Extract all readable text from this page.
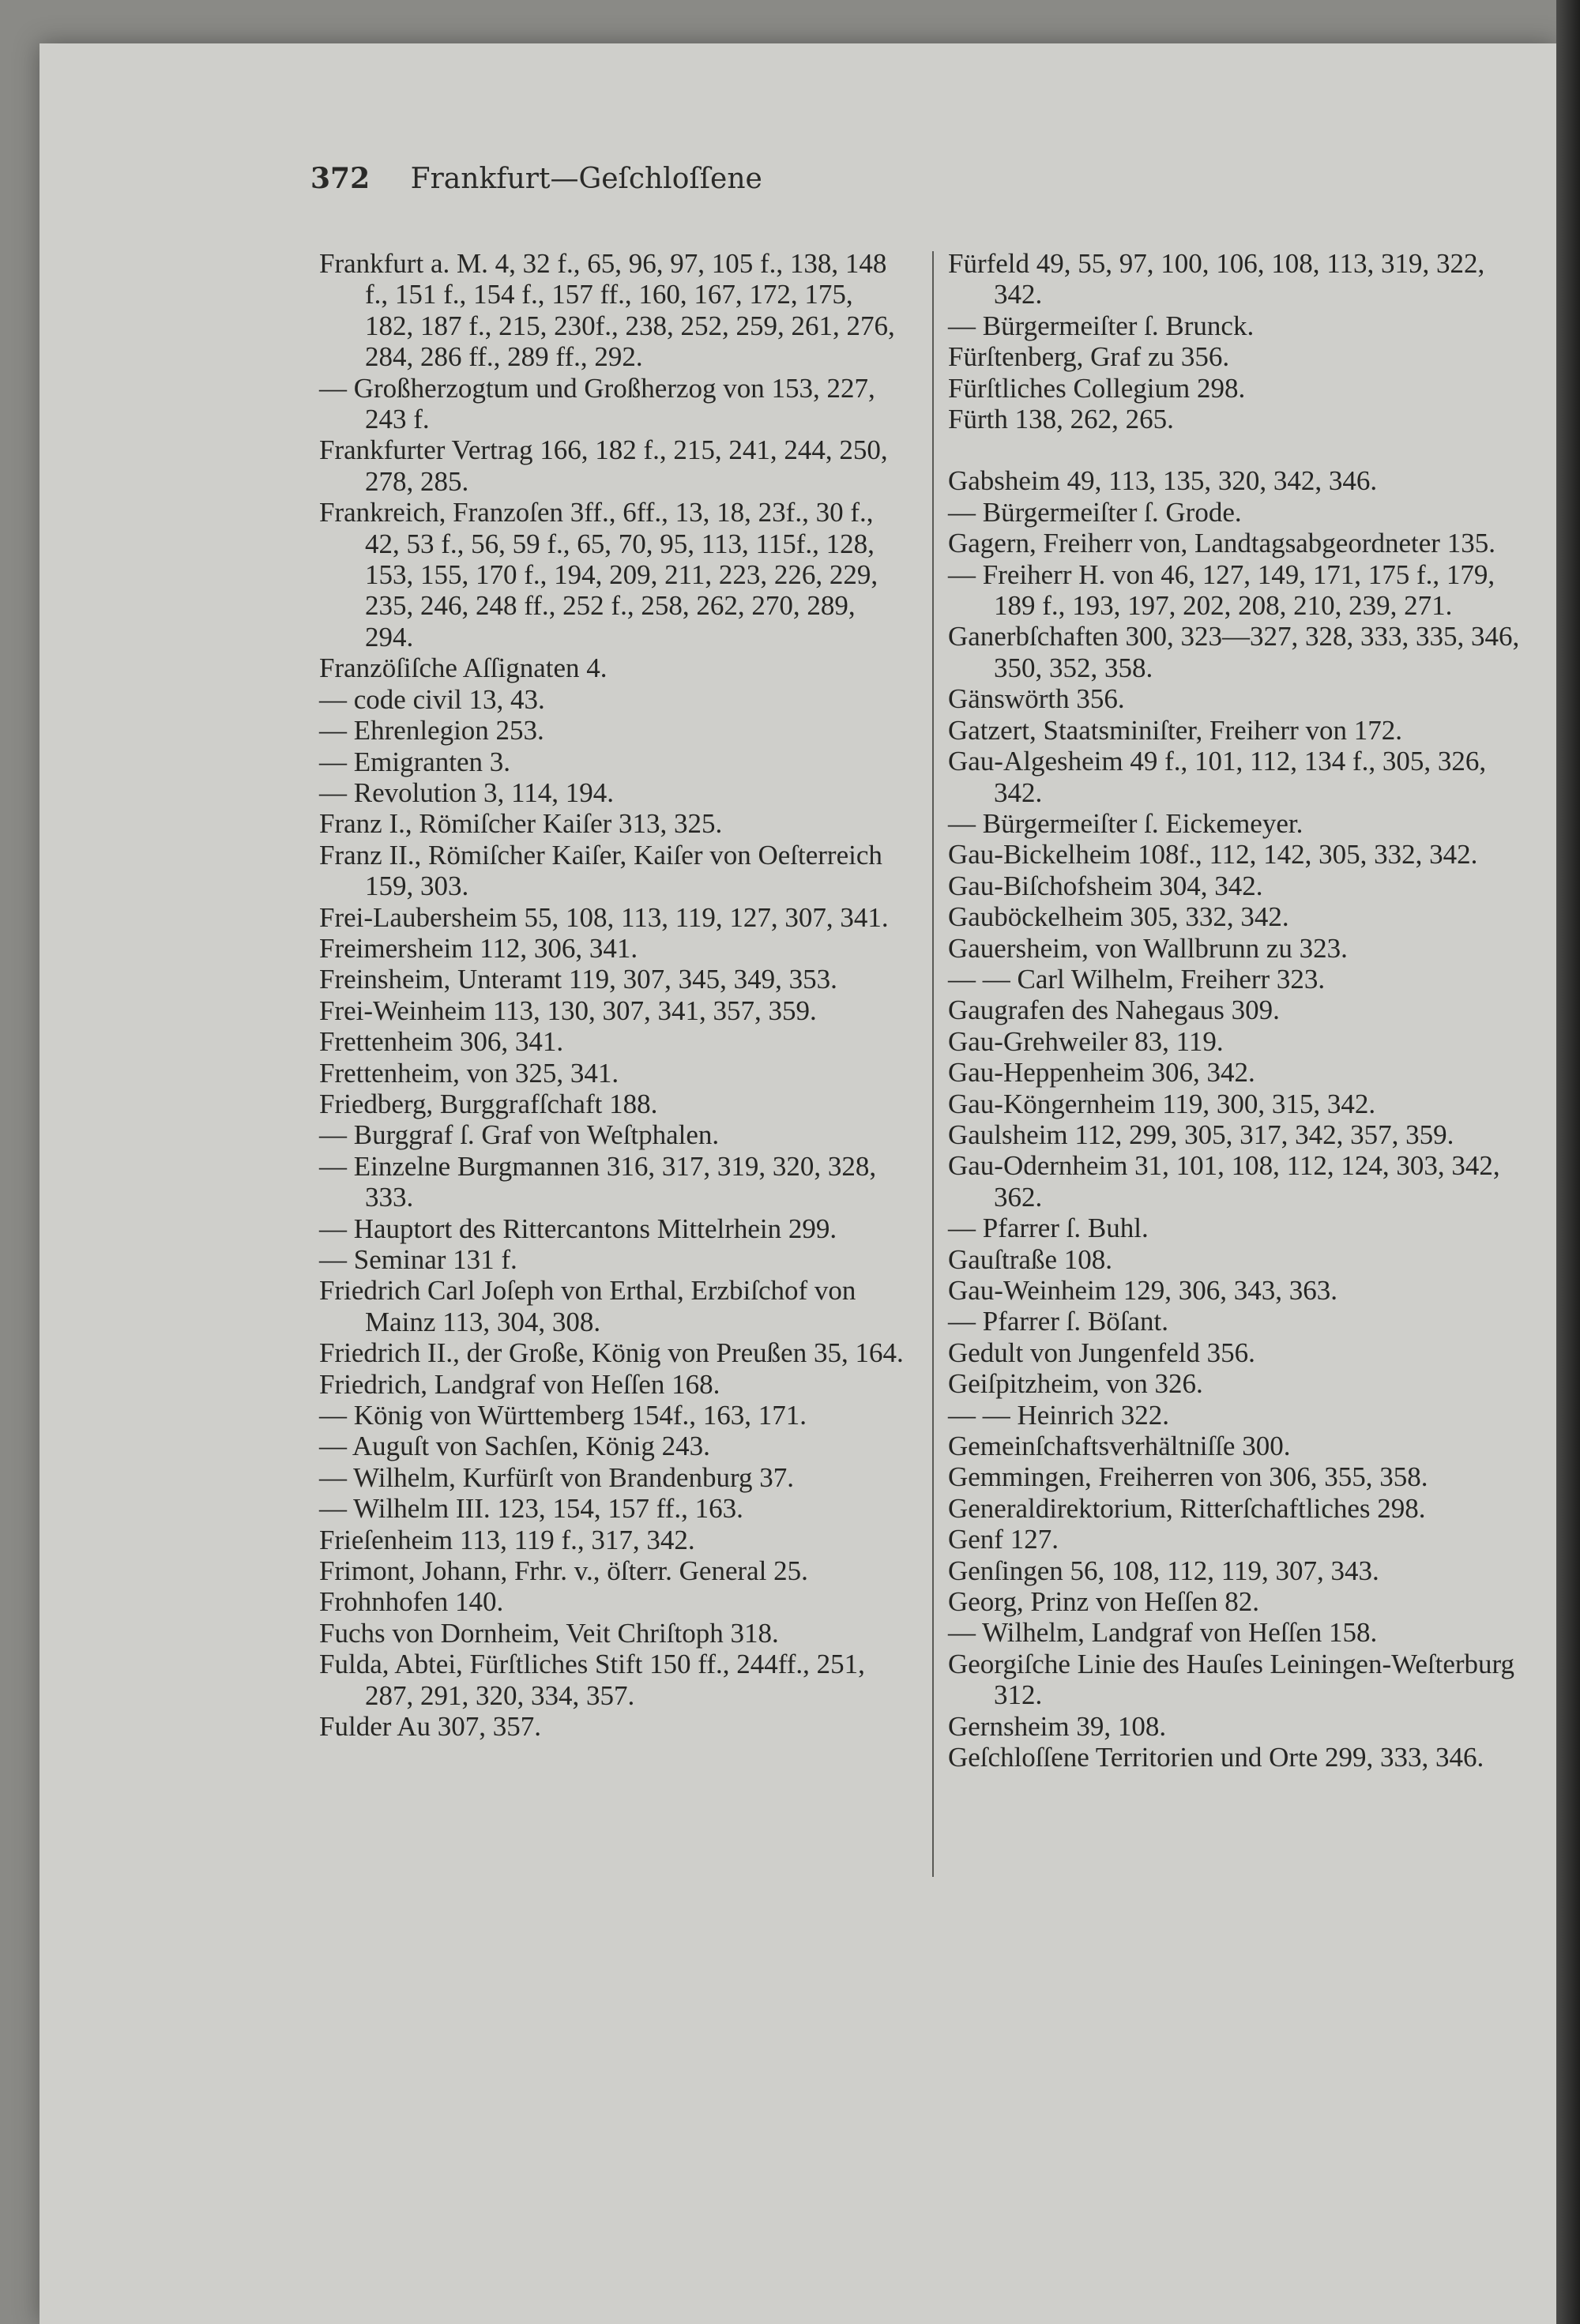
372 Frankfurt—Geſchloſſene
Frankfurt a. M. 4, 32 f., 65, 96, 97, 105 f., 138, 148 f., 151 f., 154 f., 157 ff., 160, 167, 172, 175, 182, 187 f., 215, 230f., 238, 252, 259, 261, 276, 284, 286 ff., 289 ff., 292.
— Großherzogtum und Großherzog von 153, 227, 243 f.
Frankfurter Vertrag 166, 182 f., 215, 241, 244, 250, 278, 285.
Frankreich, Franzoſen 3ff., 6ff., 13, 18, 23f., 30 f., 42, 53 f., 56, 59 f., 65, 70, 95, 113, 115f., 128, 153, 155, 170 f., 194, 209, 211, 223, 226, 229, 235, 246, 248 ff., 252 f., 258, 262, 270, 289, 294.
Franzöſiſche Aſſignaten 4.
— code civil 13, 43.
— Ehrenlegion 253.
— Emigranten 3.
— Revolution 3, 114, 194.
Franz I., Römiſcher Kaiſer 313, 325.
Franz II., Römiſcher Kaiſer, Kaiſer von Oeſterreich 159, 303.
Frei-Laubersheim 55, 108, 113, 119, 127, 307, 341.
Freimersheim 112, 306, 341.
Freinsheim, Unteramt 119, 307, 345, 349, 353.
Frei-Weinheim 113, 130, 307, 341, 357, 359.
Frettenheim 306, 341.
Frettenheim, von 325, 341.
Friedberg, Burggrafſchaft 188.
— Burggraf ſ. Graf von Weſtphalen.
— Einzelne Burgmannen 316, 317, 319, 320, 328, 333.
— Hauptort des Rittercantons Mittelrhein 299.
— Seminar 131 f.
Friedrich Carl Joſeph von Erthal, Erzbiſchof von Mainz 113, 304, 308.
Friedrich II., der Große, König von Preußen 35, 164.
Friedrich, Landgraf von Heſſen 168.
— König von Württemberg 154f., 163, 171.
— Auguſt von Sachſen, König 243.
— Wilhelm, Kurfürſt von Brandenburg 37.
— Wilhelm III. 123, 154, 157 ff., 163.
Frieſenheim 113, 119 f., 317, 342.
Frimont, Johann, Frhr. v., öſterr. General 25.
Frohnhofen 140.
Fuchs von Dornheim, Veit Chriſtoph 318.
Fulda, Abtei, Fürſtliches Stift 150 ff., 244ff., 251, 287, 291, 320, 334, 357.
Fulder Au 307, 357.
Fürfeld 49, 55, 97, 100, 106, 108, 113, 319, 322, 342.
— Bürgermeiſter ſ. Brunck.
Fürſtenberg, Graf zu 356.
Fürſtliches Collegium 298.
Fürth 138, 262, 265.
Gabsheim 49, 113, 135, 320, 342, 346.
— Bürgermeiſter ſ. Grode.
Gagern, Freiherr von, Landtagsabgeordneter 135.
— Freiherr H. von 46, 127, 149, 171, 175 f., 179, 189 f., 193, 197, 202, 208, 210, 239, 271.
Ganerbſchaften 300, 323—327, 328, 333, 335, 346, 350, 352, 358.
Gänswörth 356.
Gatzert, Staatsminiſter, Freiherr von 172.
Gau-Algesheim 49 f., 101, 112, 134 f., 305, 326, 342.
— Bürgermeiſter ſ. Eickemeyer.
Gau-Bickelheim 108f., 112, 142, 305, 332, 342.
Gau-Biſchofsheim 304, 342.
Gauböckelheim 305, 332, 342.
Gauersheim, von Wallbrunn zu 323.
— — Carl Wilhelm, Freiherr 323.
Gaugrafen des Nahegaus 309.
Gau-Grehweiler 83, 119.
Gau-Heppenheim 306, 342.
Gau-Köngernheim 119, 300, 315, 342.
Gaulsheim 112, 299, 305, 317, 342, 357, 359.
Gau-Odernheim 31, 101, 108, 112, 124, 303, 342, 362.
— Pfarrer ſ. Buhl.
Gauſtraße 108.
Gau-Weinheim 129, 306, 343, 363.
— Pfarrer ſ. Böſant.
Gedult von Jungenfeld 356.
Geiſpitzheim, von 326.
— — Heinrich 322.
Gemeinſchaftsverhältniſſe 300.
Gemmingen, Freiherren von 306, 355, 358.
Generaldirektorium, Ritterſchaftliches 298.
Genf 127.
Genſingen 56, 108, 112, 119, 307, 343.
Georg, Prinz von Heſſen 82.
— Wilhelm, Landgraf von Heſſen 158.
Georgiſche Linie des Hauſes Leiningen-Weſterburg 312.
Gernsheim 39, 108.
Geſchloſſene Territorien und Orte 299, 333, 346.
